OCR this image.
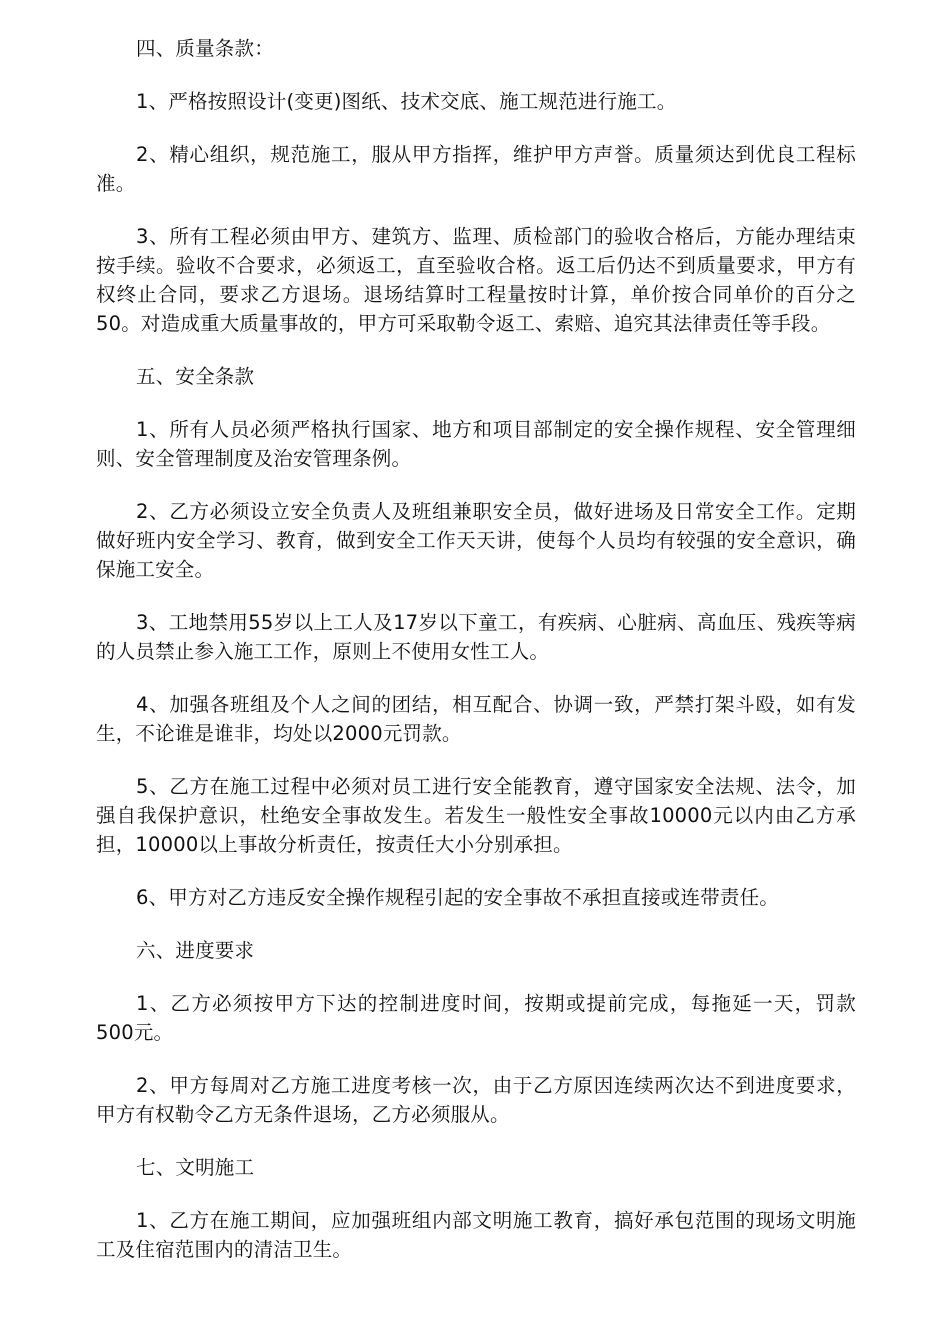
四、质量条款：

1、严格按照设计(变更)图纸、技术交底、施工规范进行施工。

2、精心组织，规范施工，服从甲方指挥，维护甲方声誉。质量须达到优良工程标准。

3、所有工程必须由甲方、建筑方、监理、质检部门的验收合格后，方能办理结束按手续。验收不合要求，必须返工，直至验收合格。返工后仍达不到质量要求，甲方有权终止合同，要求乙方退场。退场结算时工程量按时计算，单价按合同单价的百分之50。对造成重大质量事故的，甲方可采取勒令返工、索赔、追究其法律责任等手段。

五、安全条款

1、所有人员必须严格执行国家、地方和项目部制定的安全操作规程、安全管理细则、安全管理制度及治安管理条例。

2、乙方必须设立安全负责人及班组兼职安全员，做好进场及日常安全工作。定期做好班内安全学习、教育，做到安全工作天天讲，使每个人员均有较强的安全意识，确保施工安全。

3、工地禁用55岁以上工人及17岁以下童工，有疾病、心脏病、高血压、残疾等病的人员禁止参入施工工作，原则上不使用女性工人。

4、加强各班组及个人之间的团结，相互配合、协调一致，严禁打架斗殴，如有发生，不论谁是谁非，均处以2000元罚款。

5、乙方在施工过程中必须对员工进行安全能教育，遵守国家安全法规、法令，加强自我保护意识，杜绝安全事故发生。若发生一般性安全事故10000元以内由乙方承担，10000以上事故分析责任，按责任大小分别承担。

6、甲方对乙方违反安全操作规程引起的安全事故不承担直接或连带责任。

六、进度要求

1、乙方必须按甲方下达的控制进度时间，按期或提前完成，每拖延一天，罚款500元。

2、甲方每周对乙方施工进度考核一次，由于乙方原因连续两次达不到进度要求，甲方有权勒令乙方无条件退场，乙方必须服从。

七、文明施工

1、乙方在施工期间，应加强班组内部文明施工教育，搞好承包范围的现场文明施工及住宿范围内的清洁卫生。
